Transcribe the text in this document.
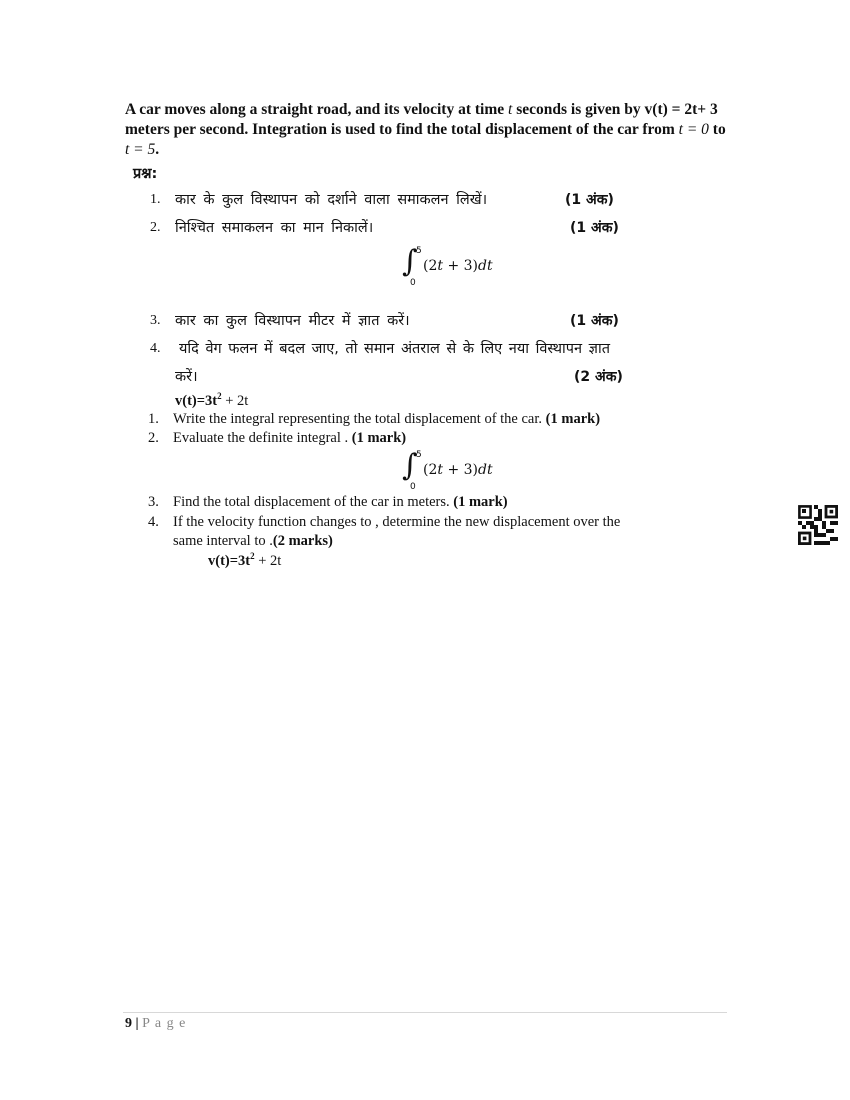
A car moves along a straight road, and its velocity at time t seconds is given by v(t) = 2t+ 3 meters per second. Integration is used to find the total displacement of the car from t = 0 to t = 5.
प्रश्न:
1. कार के कुल विस्थापन को दर्शाने वाला समाकलन लिखें।	(1 अंक)
2. निश्चित समाकलन का मान निकालें।	(1 अंक)
∫
5
0
(2𝑡 + 3)𝑑𝑡
3. कार का कुल विस्थापन मीटर में ज्ञात करें।	(1 अंक)
4. यदि वेग फलन में बदल जाए, तो समान अंतराल से के लिए नया विस्थापन ज्ञात
करें।	(2 अंक)
$v(t)=3t^2 + 2t$
1. Write the integral representing the total displacement of the car. (1 mark)
2. Evaluate the definite integral . (1 mark)
∫
5
0
(2𝑡 + 3)𝑑𝑡
3. Find the total displacement of the car in meters. (1 mark)
4. If the velocity function changes to , determine the new displacement over the
same interval to .(2 marks)
$v(t)=3t^2 + 2t$
9 | P a g e
